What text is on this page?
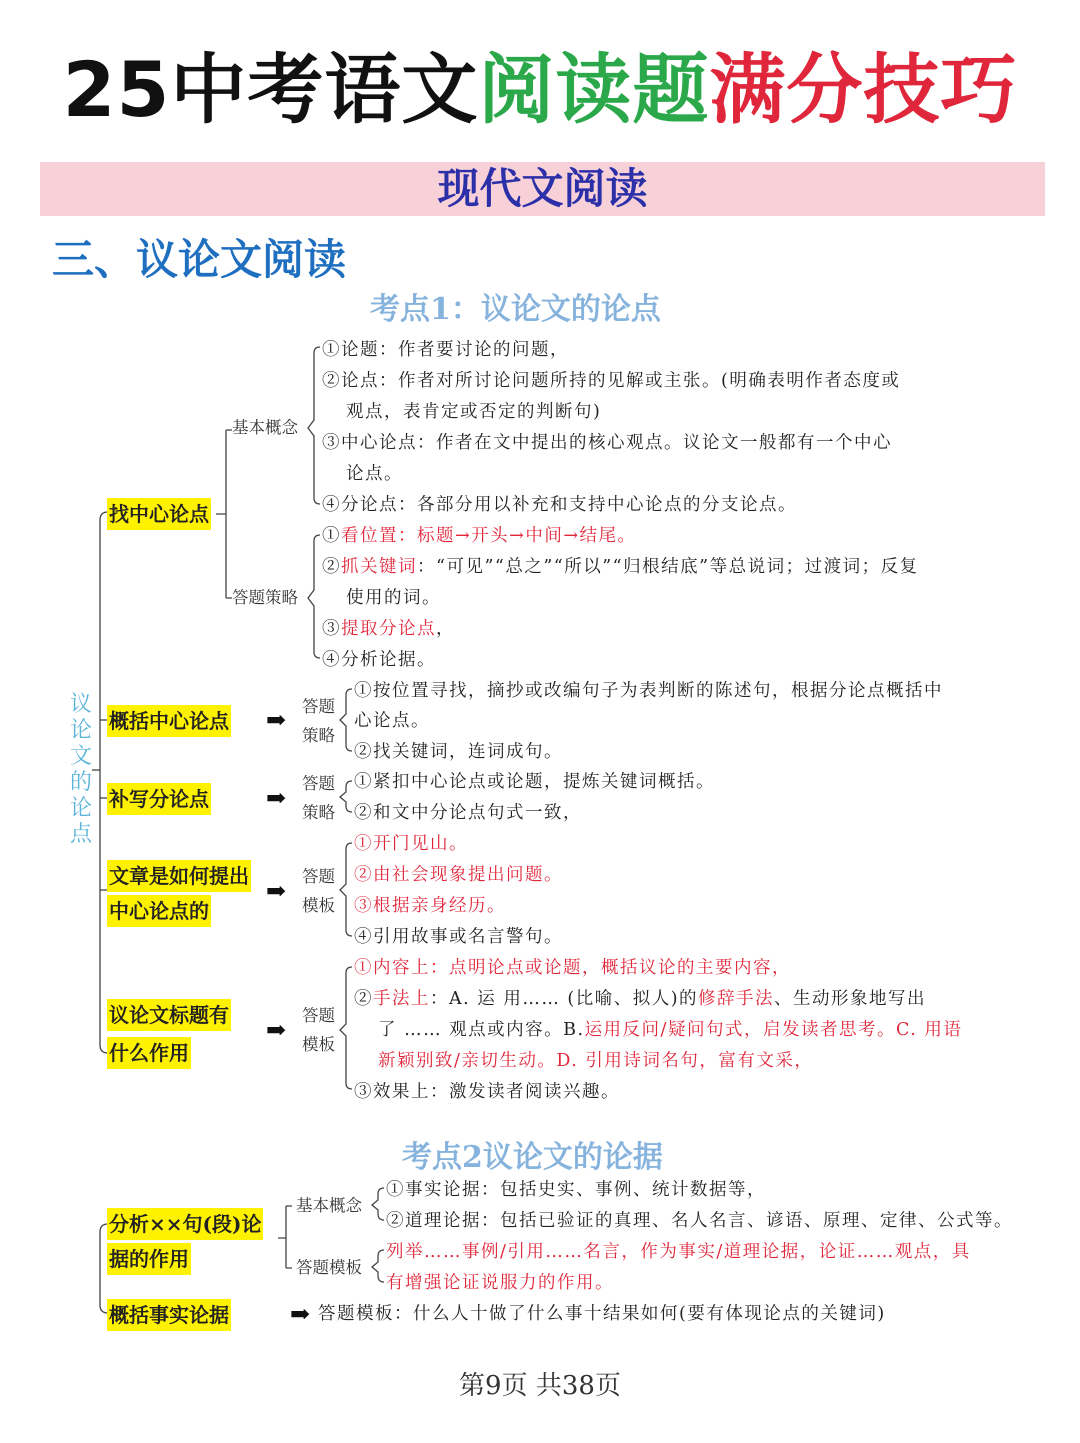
25中考语文阅读题满分技巧
现代文阅读
三、议论文阅读
考点1：议论文的论点
议
论
文
的
论
点
找中心论点
基本概念
答题策略
①论题：作者要讨论的问题，
②论点：作者对所讨论问题所持的见解或主张。(明确表明作者态度或
观点，表肯定或否定的判断句)
③中心论点：作者在文中提出的核心观点。议论文一般都有一个中心
论点。
④分论点：各部分用以补充和支持中心论点的分支论点。
①看位置：标题→开头→中间→结尾。
②抓关键词：“可见”“总之”“所以”“归根结底”等总说词；过渡词；反复
使用的词。
③提取分论点，
④分析论据。
概括中心论点 ➡ 答题
策略
①按位置寻找，摘抄或改编句子为表判断的陈述句，根据分论点概括中
心论点。
②找关键词，连词成句。
补写分论点 ➡
答题
策略
①紧扣中心论点或论题，提炼关键词概括。
②和文中分论点句式一致，
文章是如何提出
中心论点的
➡
答题
模板
①开门见山。
②由社会现象提出问题。
③根据亲身经历。
④引用故事或名言警句。
议论文标题有
什么作用
➡
答题
模板
①内容上：点明论点或论题，概括议论的主要内容，
②手法上：A. 运 用…… (比喻、拟人)的修辞手法、生动形象地写出
了 …… 观点或内容。B.运用反问/疑问句式，启发读者思考。C. 用语
新颖别致/亲切生动。D. 引用诗词名句，富有文采，
③效果上：激发读者阅读兴趣。
考点2议论文的论据
分析××句(段)论
据的作用
基本概念
答题模板
①事实论据：包括史实、事例、统计数据等，
②道理论据：包括已验证的真理、名人名言、谚语、原理、定律、公式等。
列举……事例/引用……名言，作为事实/道理论据，论证……观点，具
有增强论证说服力的作用。
概括事实论据	➡ 答题模板：什么人十做了什么事十结果如何(要有体现论点的关键词)
第9页 共38页
